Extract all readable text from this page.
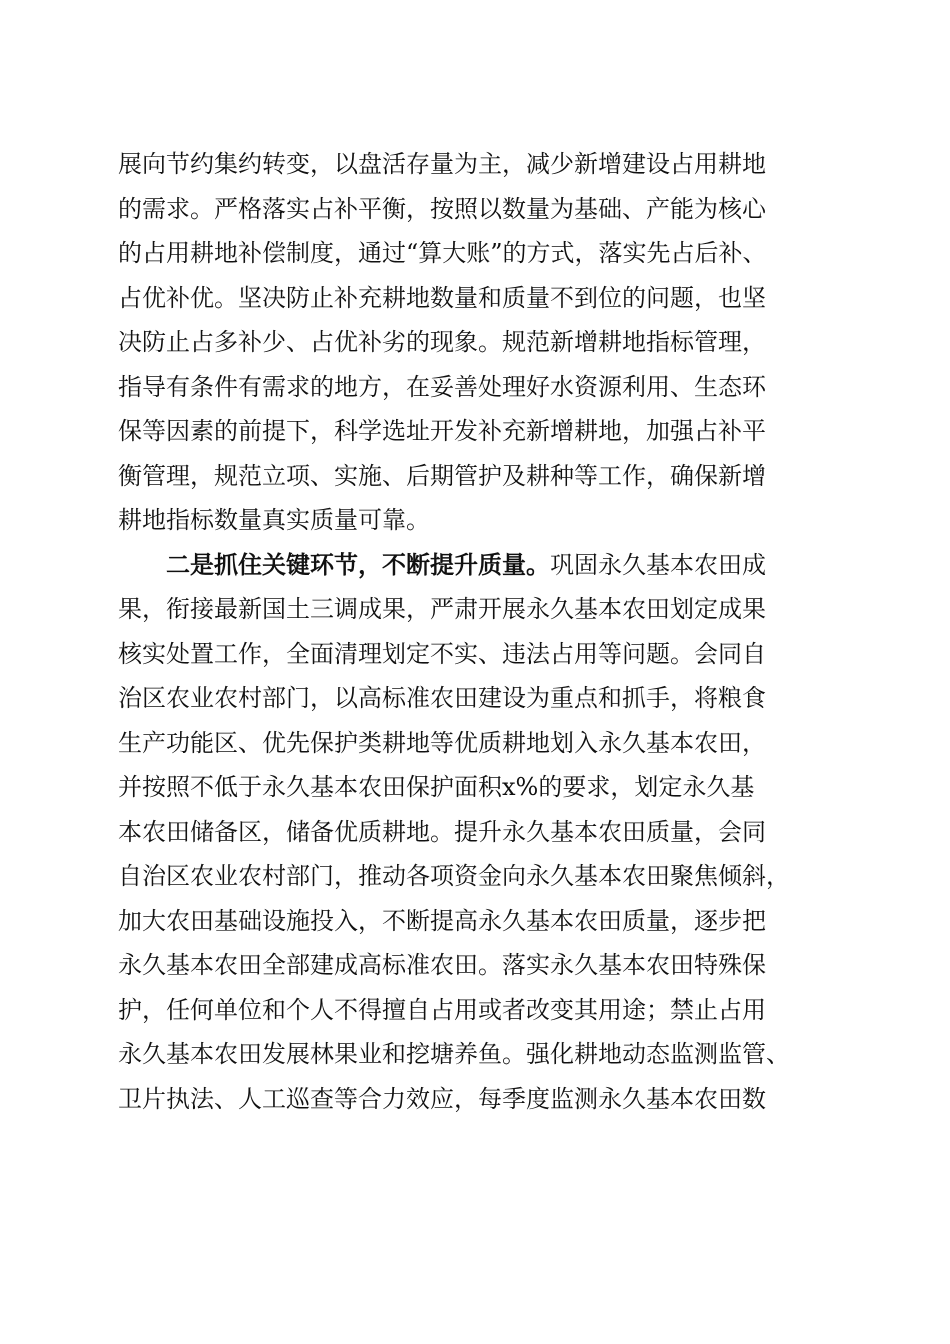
展向节约集约转变，以盘活存量为主，减少新增建设占用耕地
的需求。严格落实占补平衡，按照以数量为基础、产能为核心
的占用耕地补偿制度，通过“算大账”的方式，落实先占后补、
占优补优。坚决防止补充耕地数量和质量不到位的问题，也坚
决防止占多补少、占优补劣的现象。规范新增耕地指标管理，
指导有条件有需求的地方，在妥善处理好水资源利用、生态环
保等因素的前提下，科学选址开发补充新增耕地，加强占补平
衡管理，规范立项、实施、后期管护及耕种等工作，确保新增
耕地指标数量真实质量可靠。
二是抓住关键环节，不断提升质量。巩固永久基本农田成
果，衔接最新国土三调成果，严肃开展永久基本农田划定成果
核实处置工作，全面清理划定不实、违法占用等问题。会同自
治区农业农村部门，以高标准农田建设为重点和抓手，将粮食
生产功能区、优先保护类耕地等优质耕地划入永久基本农田，
并按照不低于永久基本农田保护面积x%的要求，划定永久基
本农田储备区，储备优质耕地。提升永久基本农田质量，会同
自治区农业农村部门，推动各项资金向永久基本农田聚焦倾斜，
加大农田基础设施投入，不断提高永久基本农田质量，逐步把
永久基本农田全部建成高标准农田。落实永久基本农田特殊保
护，任何单位和个人不得擅自占用或者改变其用途；禁止占用
永久基本农田发展林果业和挖塘养鱼。强化耕地动态监测监管、
卫片执法、人工巡查等合力效应，每季度监测永久基本农田数
